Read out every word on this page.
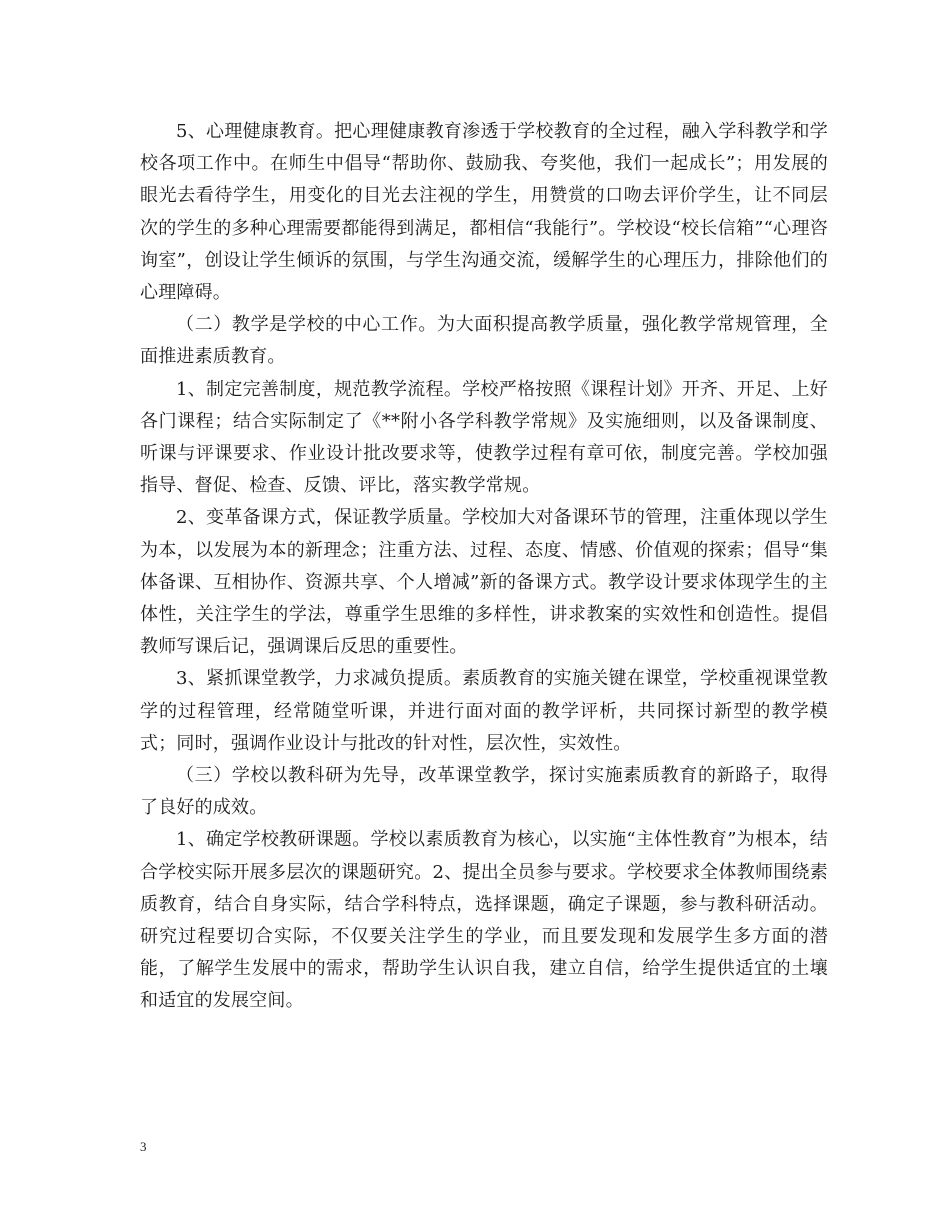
5、心理健康教育。把心理健康教育渗透于学校教育的全过程，融入学科教学和学校各项工作中。在师生中倡导“帮助你、鼓励我、夸奖他，我们一起成长”；用发展的眼光去看待学生，用变化的目光去注视的学生，用赞赏的口吻去评价学生，让不同层次的学生的多种心理需要都能得到满足，都相信“我能行”。学校设“校长信箱”“心理咨询室”，创设让学生倾诉的氛围，与学生沟通交流，缓解学生的心理压力，排除他们的心理障碍。

（二）教学是学校的中心工作。为大面积提高教学质量，强化教学常规管理，全面推进素质教育。

1、制定完善制度，规范教学流程。学校严格按照《课程计划》开齐、开足、上好各门课程；结合实际制定了《**附小各学科教学常规》及实施细则，以及备课制度、听课与评课要求、作业设计批改要求等，使教学过程有章可依，制度完善。学校加强指导、督促、检查、反馈、评比，落实教学常规。

2、变革备课方式，保证教学质量。学校加大对备课环节的管理，注重体现以学生为本，以发展为本的新理念；注重方法、过程、态度、情感、价值观的探索；倡导“集体备课、互相协作、资源共享、个人增减”新的备课方式。教学设计要求体现学生的主体性，关注学生的学法，尊重学生思维的多样性，讲求教案的实效性和创造性。提倡教师写课后记，强调课后反思的重要性。

3、紧抓课堂教学，力求减负提质。素质教育的实施关键在课堂，学校重视课堂教学的过程管理，经常随堂听课，并进行面对面的教学评析，共同探讨新型的教学模式；同时，强调作业设计与批改的针对性，层次性，实效性。

（三）学校以教科研为先导，改革课堂教学，探讨实施素质教育的新路子，取得了良好的成效。

1、确定学校教研课题。学校以素质教育为核心，以实施“主体性教育”为根本，结合学校实际开展多层次的课题研究。2、提出全员参与要求。学校要求全体教师围绕素质教育，结合自身实际，结合学科特点，选择课题，确定子课题，参与教科研活动。研究过程要切合实际，不仅要关注学生的学业，而且要发现和发展学生多方面的潜能，了解学生发展中的需求，帮助学生认识自我，建立自信，给学生提供适宜的土壤和适宜的发展空间。

3
